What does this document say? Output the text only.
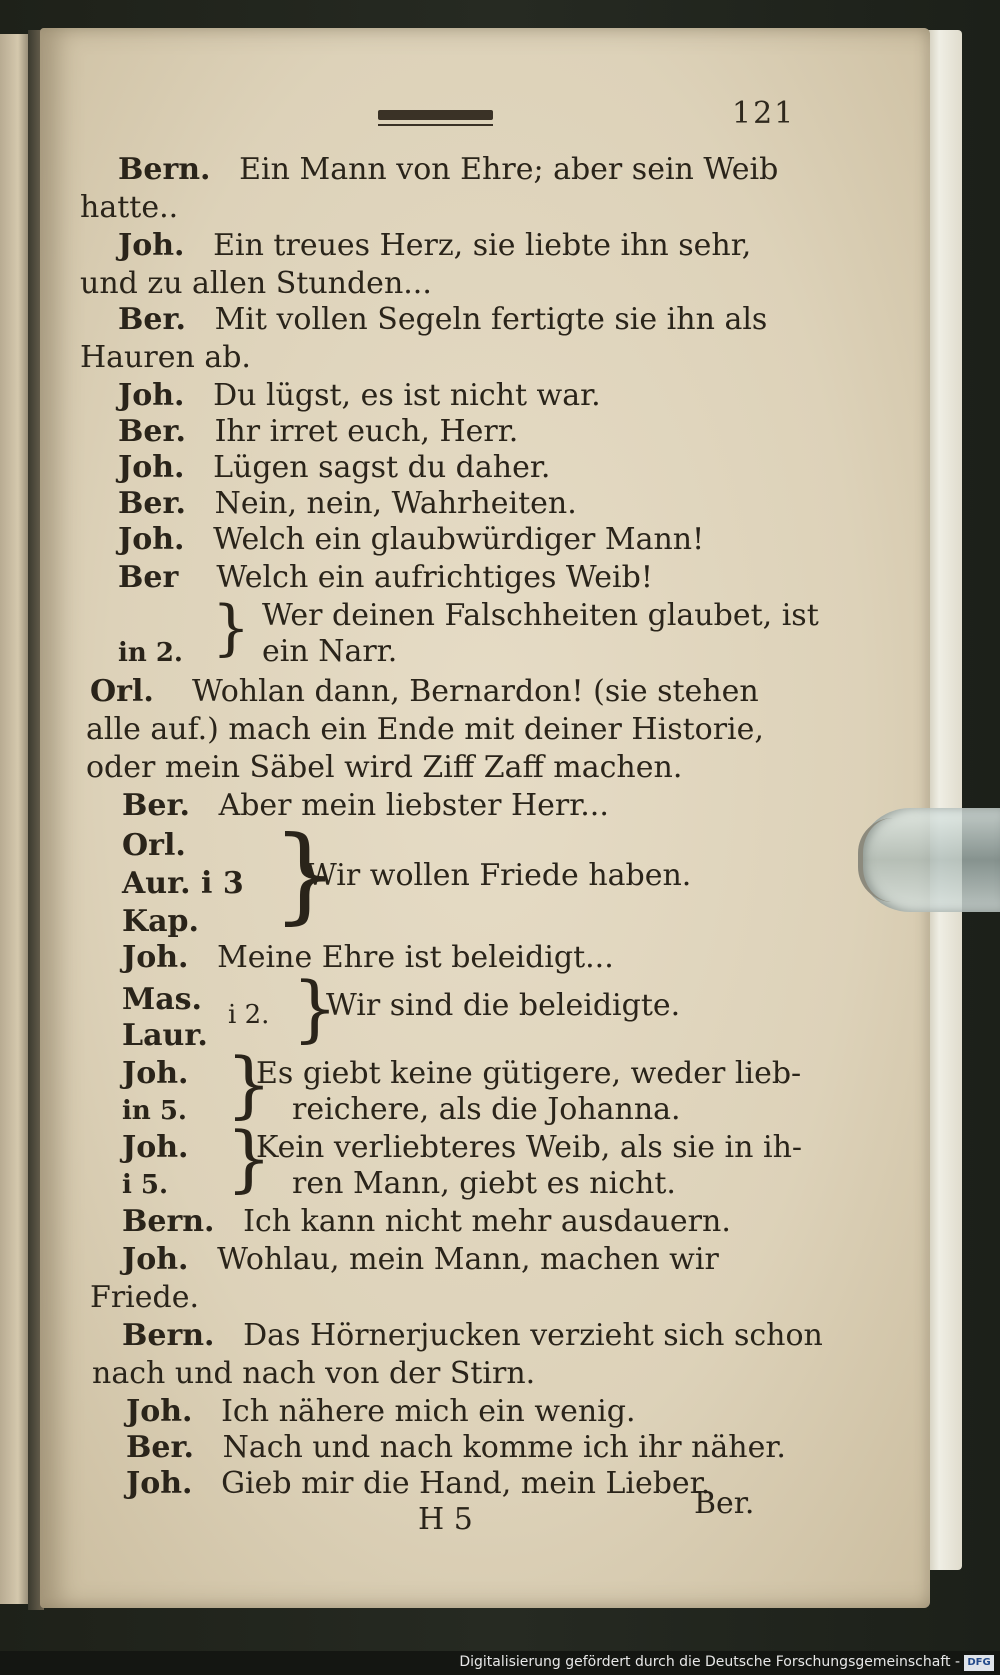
121
Bern. Ein Mann von Ehre; aber sein Weib
hatte..
Joh. Ein treues Herz, sie liebte ihn sehr,
und zu allen Stunden...
Ber. Mit vollen Segeln fertigte sie ihn als
Hauren ab.
Joh. Du lügst, es ist nicht war.
Ber. Ihr irret euch, Herr.
Joh. Lügen sagst du daher.
Ber. Nein, nein, Wahrheiten.
Joh. Welch ein glaubwürdiger Mann!
Ber Welch ein aufrichtiges Weib!
} Wer deinen Falschheiten glaubet, ist
in 2.	ein Narr.
Orl. Wohlan dann, Bernardon! (sie stehen
alle auf.) mach ein Ende mit deiner Historie,
oder mein Säbel wird Ziff Zaff machen.
Ber. Aber mein liebster Herr...
Orl.
Aur. i 3
Kap. }
Wir wollen Friede haben.
Joh. Meine Ehre ist beleidigt...
Mas. i 2.
Laur. }
Wir sind die beleidigte.
Joh.
in 5. }
Es giebt keine gütigere, weder lieb-
reichere, als die Johanna.
Joh.
i 5. }
Kein verliebteres Weib, als sie in ih-
ren Mann, giebt es nicht.
Bern. Ich kann nicht mehr ausdauern.
Joh. Wohlau, mein Mann, machen wir
Friede.
Bern. Das Hörnerjucken verzieht sich schon
nach und nach von der Stirn.
Joh. Ich nähere mich ein wenig.
Ber. Nach und nach komme ich ihr näher.
Joh. Gieb mir die Hand, mein Lieber.
H 5	Ber.
Digitalisierung gefördert durch die Deutsche Forschungsgemeinschaft - DFG
